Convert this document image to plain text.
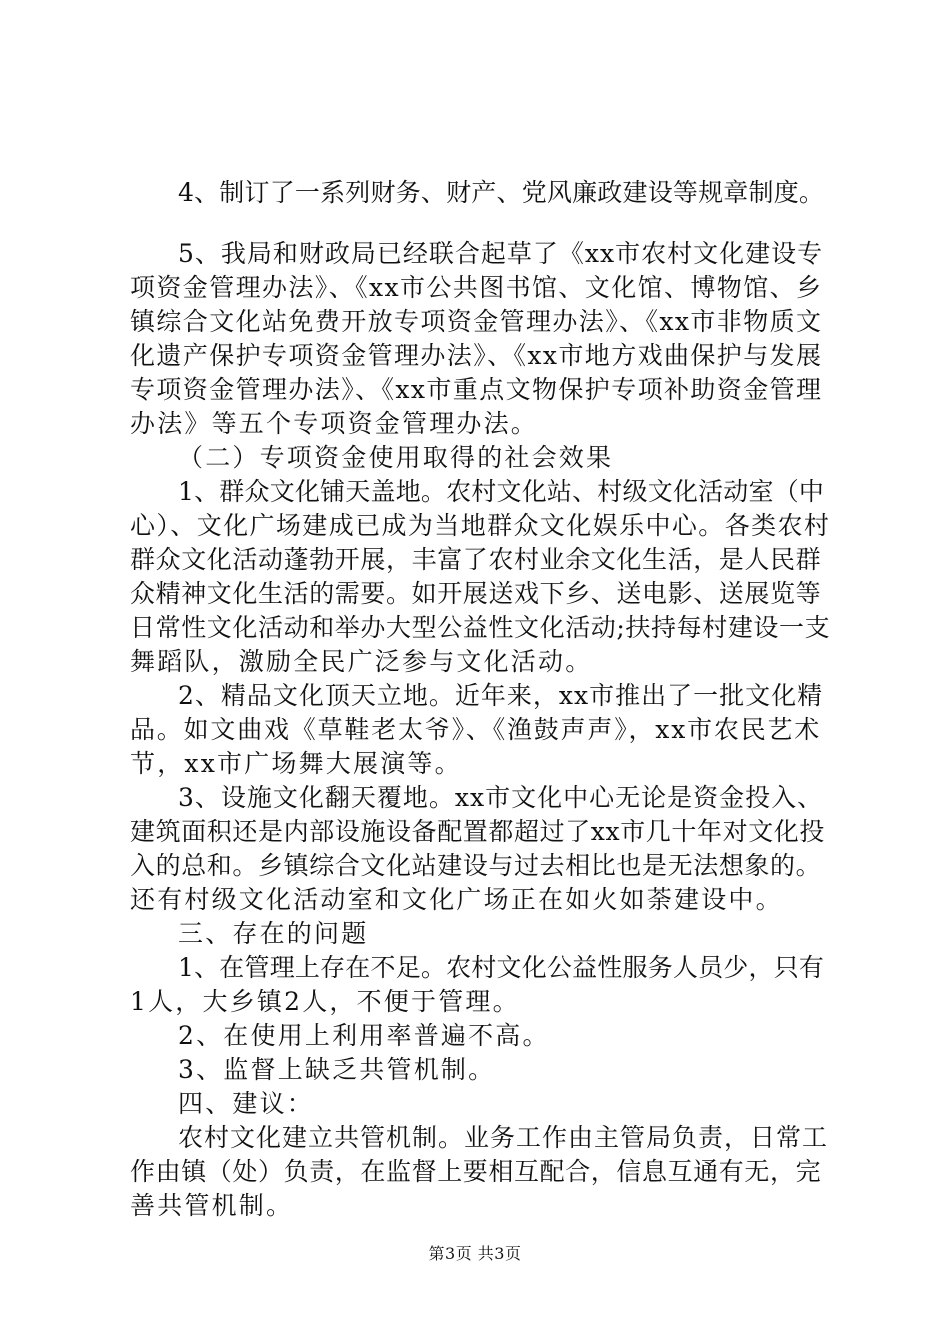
4、制订了一系列财务、财产、党风廉政建设等规章制度。
5、我局和财政局已经联合起草了《xx市农村文化建设专
项资金管理办法》、《xx市公共图书馆、文化馆、博物馆、乡
镇综合文化站免费开放专项资金管理办法》、《xx市非物质文
化遗产保护专项资金管理办法》、《xx市地方戏曲保护与发展
专项资金管理办法》、《xx市重点文物保护专项补助资金管理
办法》等五个专项资金管理办法。
（二）专项资金使用取得的社会效果
1、群众文化铺天盖地。农村文化站、村级文化活动室（中
心）、文化广场建成已成为当地群众文化娱乐中心。各类农村
群众文化活动蓬勃开展，丰富了农村业余文化生活，是人民群
众精神文化生活的需要。如开展送戏下乡、送电影、送展览等
日常性文化活动和举办大型公益性文化活动;扶持每村建设一支
舞蹈队，激励全民广泛参与文化活动。
2、精品文化顶天立地。近年来，xx市推出了一批文化精
品。如文曲戏《草鞋老太爷》、《渔鼓声声》，xx市农民艺术
节，xx市广场舞大展演等。
3、设施文化翻天覆地。xx市文化中心无论是资金投入、
建筑面积还是内部设施设备配置都超过了xx市几十年对文化投
入的总和。乡镇综合文化站建设与过去相比也是无法想象的。
还有村级文化活动室和文化广场正在如火如荼建设中。
三、存在的问题
1、在管理上存在不足。农村文化公益性服务人员少，只有
1人，大乡镇2人，不便于管理。
2、在使用上利用率普遍不高。
3、监督上缺乏共管机制。
四、建议：
农村文化建立共管机制。业务工作由主管局负责，日常工
作由镇（处）负责，在监督上要相互配合，信息互通有无，完
善共管机制。
第3页 共3页
